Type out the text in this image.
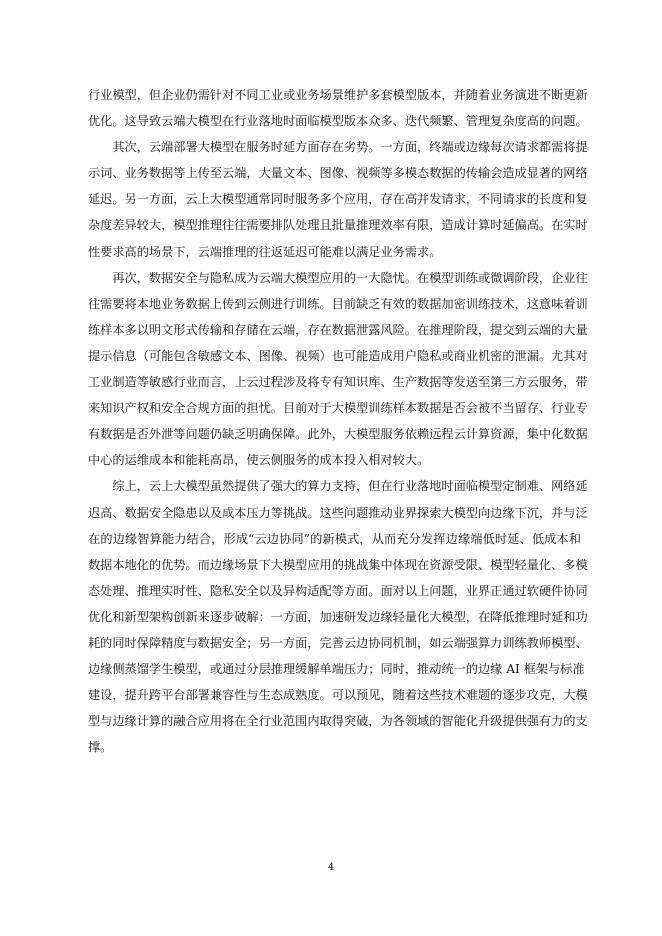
行业模型，但企业仍需针对不同工业或业务场景维护多套模型版本，并随着业务演进不断更新
优化。这导致云端大模型在行业落地时面临模型版本众多、迭代频繁、管理复杂度高的问题。
　　其次，云端部署大模型在服务时延方面存在劣势。一方面，终端或边缘每次请求都需将提
示词、业务数据等上传至云端，大量文本、图像、视频等多模态数据的传输会造成显著的网络
延迟。另一方面，云上大模型通常同时服务多个应用，存在高并发请求，不同请求的长度和复
杂度差异较大，模型推理往往需要排队处理且批量推理效率有限，造成计算时延偏高。在实时
性要求高的场景下，云端推理的往返延迟可能难以满足业务需求。
　　再次，数据安全与隐私成为云端大模型应用的一大隐忧。在模型训练或微调阶段，企业往
往需要将本地业务数据上传到云侧进行训练。目前缺乏有效的数据加密训练技术，这意味着训
练样本多以明文形式传输和存储在云端，存在数据泄露风险。在推理阶段，提交到云端的大量
提示信息（可能包含敏感文本、图像、视频）也可能造成用户隐私或商业机密的泄漏。尤其对
工业制造等敏感行业而言，上云过程涉及将专有知识库、生产数据等发送至第三方云服务，带
来知识产权和安全合规方面的担忧。目前对于大模型训练样本数据是否会被不当留存、行业专
有数据是否外泄等问题仍缺乏明确保障。此外，大模型服务依赖远程云计算资源，集中化数据
中心的运维成本和能耗高昂，使云侧服务的成本投入相对较大。
　　综上，云上大模型虽然提供了强大的算力支持，但在行业落地时面临模型定制难、网络延
迟高、数据安全隐患以及成本压力等挑战。这些问题推动业界探索大模型向边缘下沉，并与泛
在的边缘智算能力结合，形成“云边协同”的新模式，从而充分发挥边缘端低时延、低成本和
数据本地化的优势。而边缘场景下大模型应用的挑战集中体现在资源受限、模型轻量化、多模
态处理、推理实时性、隐私安全以及异构适配等方面。面对以上问题，业界正通过软硬件协同
优化和新型架构创新来逐步破解：一方面，加速研发边缘轻量化大模型，在降低推理时延和功
耗的同时保障精度与数据安全；另一方面，完善云边协同机制，如云端强算力训练教师模型、
边缘侧蒸馏学生模型，或通过分层推理缓解单端压力；同时，推动统一的边缘 AI 框架与标准
建设，提升跨平台部署兼容性与生态成熟度。可以预见，随着这些技术难题的逐步攻克，大模
型与边缘计算的融合应用将在全行业范围内取得突破，为各领域的智能化升级提供强有力的支
撑。
4
